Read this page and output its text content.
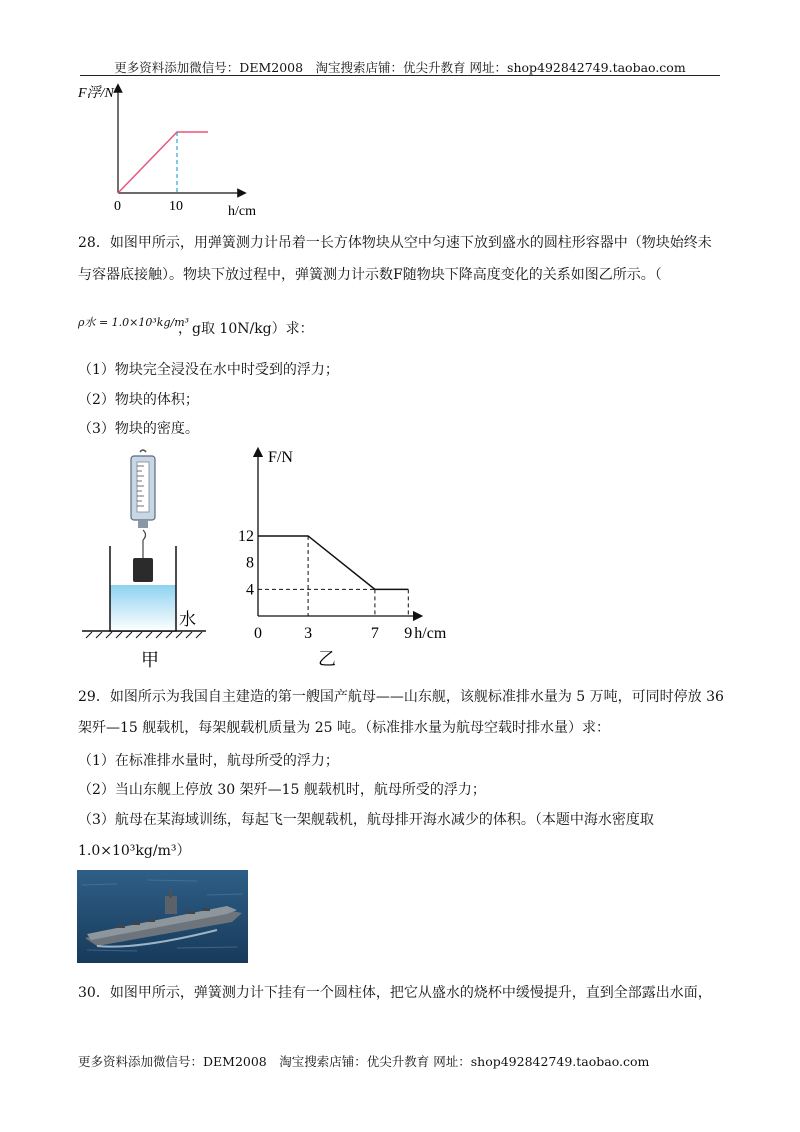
更多资料添加微信号：DEM2008　淘宝搜索店铺：优尖升教育 网址：shop492842749.taobao.com
F浮/N
0	10	h/cm
28．如图甲所示，用弹簧测力计吊着一长方体物块从空中匀速下放到盛水的圆柱形容器中（物块始终未
与容器底接触）。物块下放过程中，弹簧测力计示数F随物块下降高度变化的关系如图乙所示。（
ρ水 = 1.0×10³kg/m³
，g取 10N/kg）求：
（1）物块完全浸没在水中时受到的浮力；
（2）物块的体积；
（3）物块的密度。
水
甲
0	3	7 9
4
8
12
F/N
h/cm
乙
29．如图所示为我国自主建造的第一艘国产航母——山东舰，该舰标准排水量为 5 万吨，可同时停放 36
架歼—15 舰载机，每架舰载机质量为 25 吨。（标准排水量为航母空载时排水量）求：
（1）在标准排水量时，航母所受的浮力；
（2）当山东舰上停放 30 架歼—15 舰载机时，航母所受的浮力；
（3）航母在某海域训练，每起飞一架舰载机，航母排开海水减少的体积。（本题中海水密度取
1.0×10³kg/m³）
30．如图甲所示，弹簧测力计下挂有一个圆柱体，把它从盛水的烧杯中缓慢提升，直到全部露出水面，
更多资料添加微信号：DEM2008　淘宝搜索店铺：优尖升教育 网址：shop492842749.taobao.com
